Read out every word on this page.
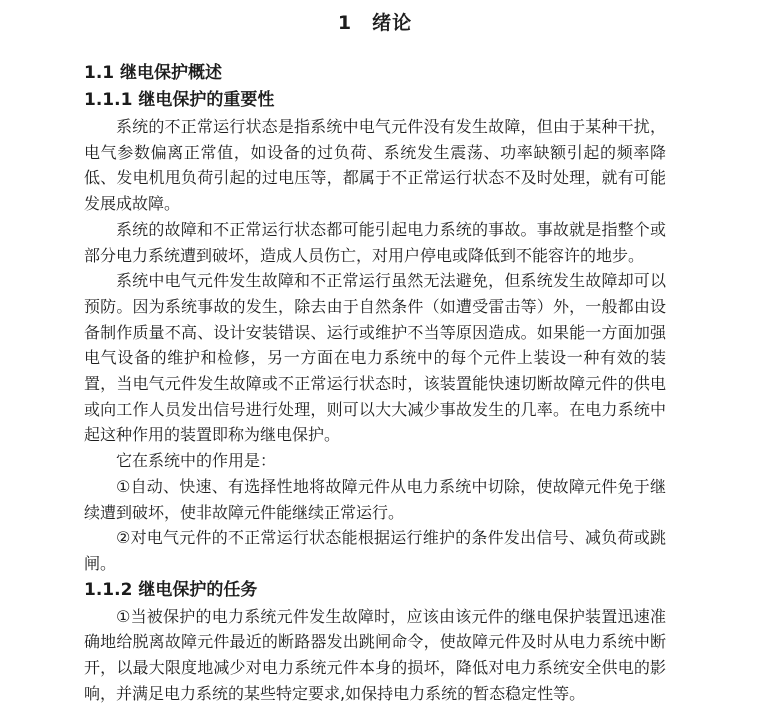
1　绪论
1.1 继电保护概述
1.1.1 继电保护的重要性

系统的不正常运行状态是指系统中电气元件没有发生故障，但由于某种干扰，电气参数偏离正常值，如设备的过负荷、系统发生震荡、功率缺额引起的频率降低、发电机甩负荷引起的过电压等，都属于不正常运行状态不及时处理，就有可能发展成故障。

系统的故障和不正常运行状态都可能引起电力系统的事故。事故就是指整个或部分电力系统遭到破坏，造成人员伤亡，对用户停电或降低到不能容许的地步。

系统中电气元件发生故障和不正常运行虽然无法避免，但系统发生故障却可以预防。因为系统事故的发生，除去由于自然条件（如遭受雷击等）外，一般都由设备制作质量不高、设计安装错误、运行或维护不当等原因造成。如果能一方面加强电气设备的维护和检修，另一方面在电力系统中的每个元件上装设一种有效的装置，当电气元件发生故障或不正常运行状态时，该装置能快速切断故障元件的供电或向工作人员发出信号进行处理，则可以大大减少事故发生的几率。在电力系统中起这种作用的装置即称为继电保护。

它在系统中的作用是：

①自动、快速、有选择性地将故障元件从电力系统中切除，使故障元件免于继续遭到破坏，使非故障元件能继续正常运行。

②对电气元件的不正常运行状态能根据运行维护的条件发出信号、减负荷或跳闸。

1.1.2 继电保护的任务

①当被保护的电力系统元件发生故障时，应该由该元件的继电保护装置迅速准确地给脱离故障元件最近的断路器发出跳闸命令，使故障元件及时从电力系统中断开，以最大限度地减少对电力系统元件本身的损坏，降低对电力系统安全供电的影响，并满足电力系统的某些特定要求,如保持电力系统的暂态稳定性等。
